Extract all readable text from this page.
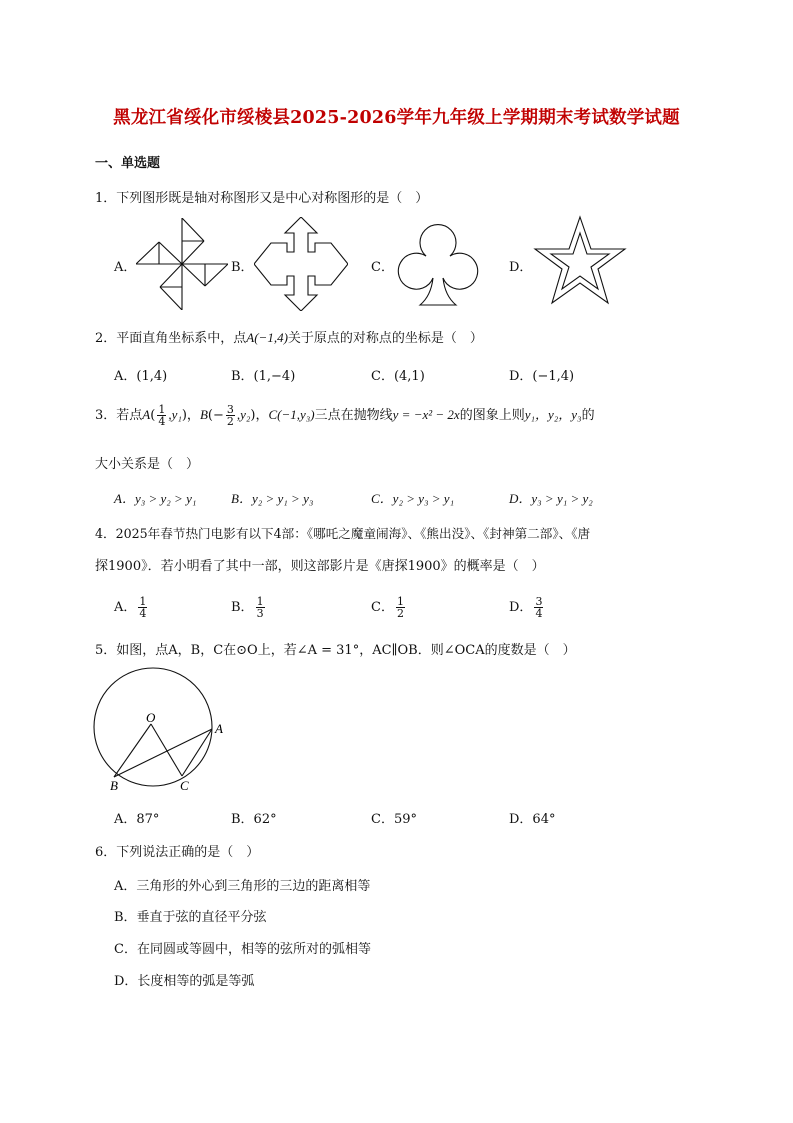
黑龙江省绥化市绥棱县2025-2026学年九年级上学期期末考试数学试题
一、单选题
1．下列图形既是轴对称图形又是中心对称图形的是（　）
A．	B．	C．	D．
2．平面直角坐标系中，点A(−1,4)关于原点的对称点的坐标是（　）
A．(1,4)	B．(1,−4)	C．(4,1)	D．(−1,4)
3．若点$A( \frac{1}{4} ,y_1)$，$B(- \frac{3}{2} ,y_2)$，C(−1,y₃)三点在抛物线y = −x² − 2x的图象上则y₁，y₂，y₃的
大小关系是（　）
A．y₃ > y₂ > y₁	B．y₂ > y₁ > y₃	C．y₂ > y₃ > y₁	D．y₃ > y₁ > y₂
4．2025年春节热门电影有以下4部：《哪吒之魔童闹海》、《熊出没》、《封神第二部》、《唐
探1900》．若小明看了其中一部，则这部影片是《唐探1900》的概率是（　）
A． $\frac{1}{4}$	B． $\frac{1}{3}$	C． $\frac{1}{2}$	D． $\frac{3}{4}$
5．如图，点A，B，C在⊙O上，若∠A = 31°，AC∥OB．则∠OCA的度数是（　）
O
A
B	C
A．87°	B．62°	C．59°	D．64°
6．下列说法正确的是（　）
A．三角形的外心到三角形的三边的距离相等
B．垂直于弦的直径平分弦
C．在同圆或等圆中，相等的弦所对的弧相等
D．长度相等的弧是等弧
